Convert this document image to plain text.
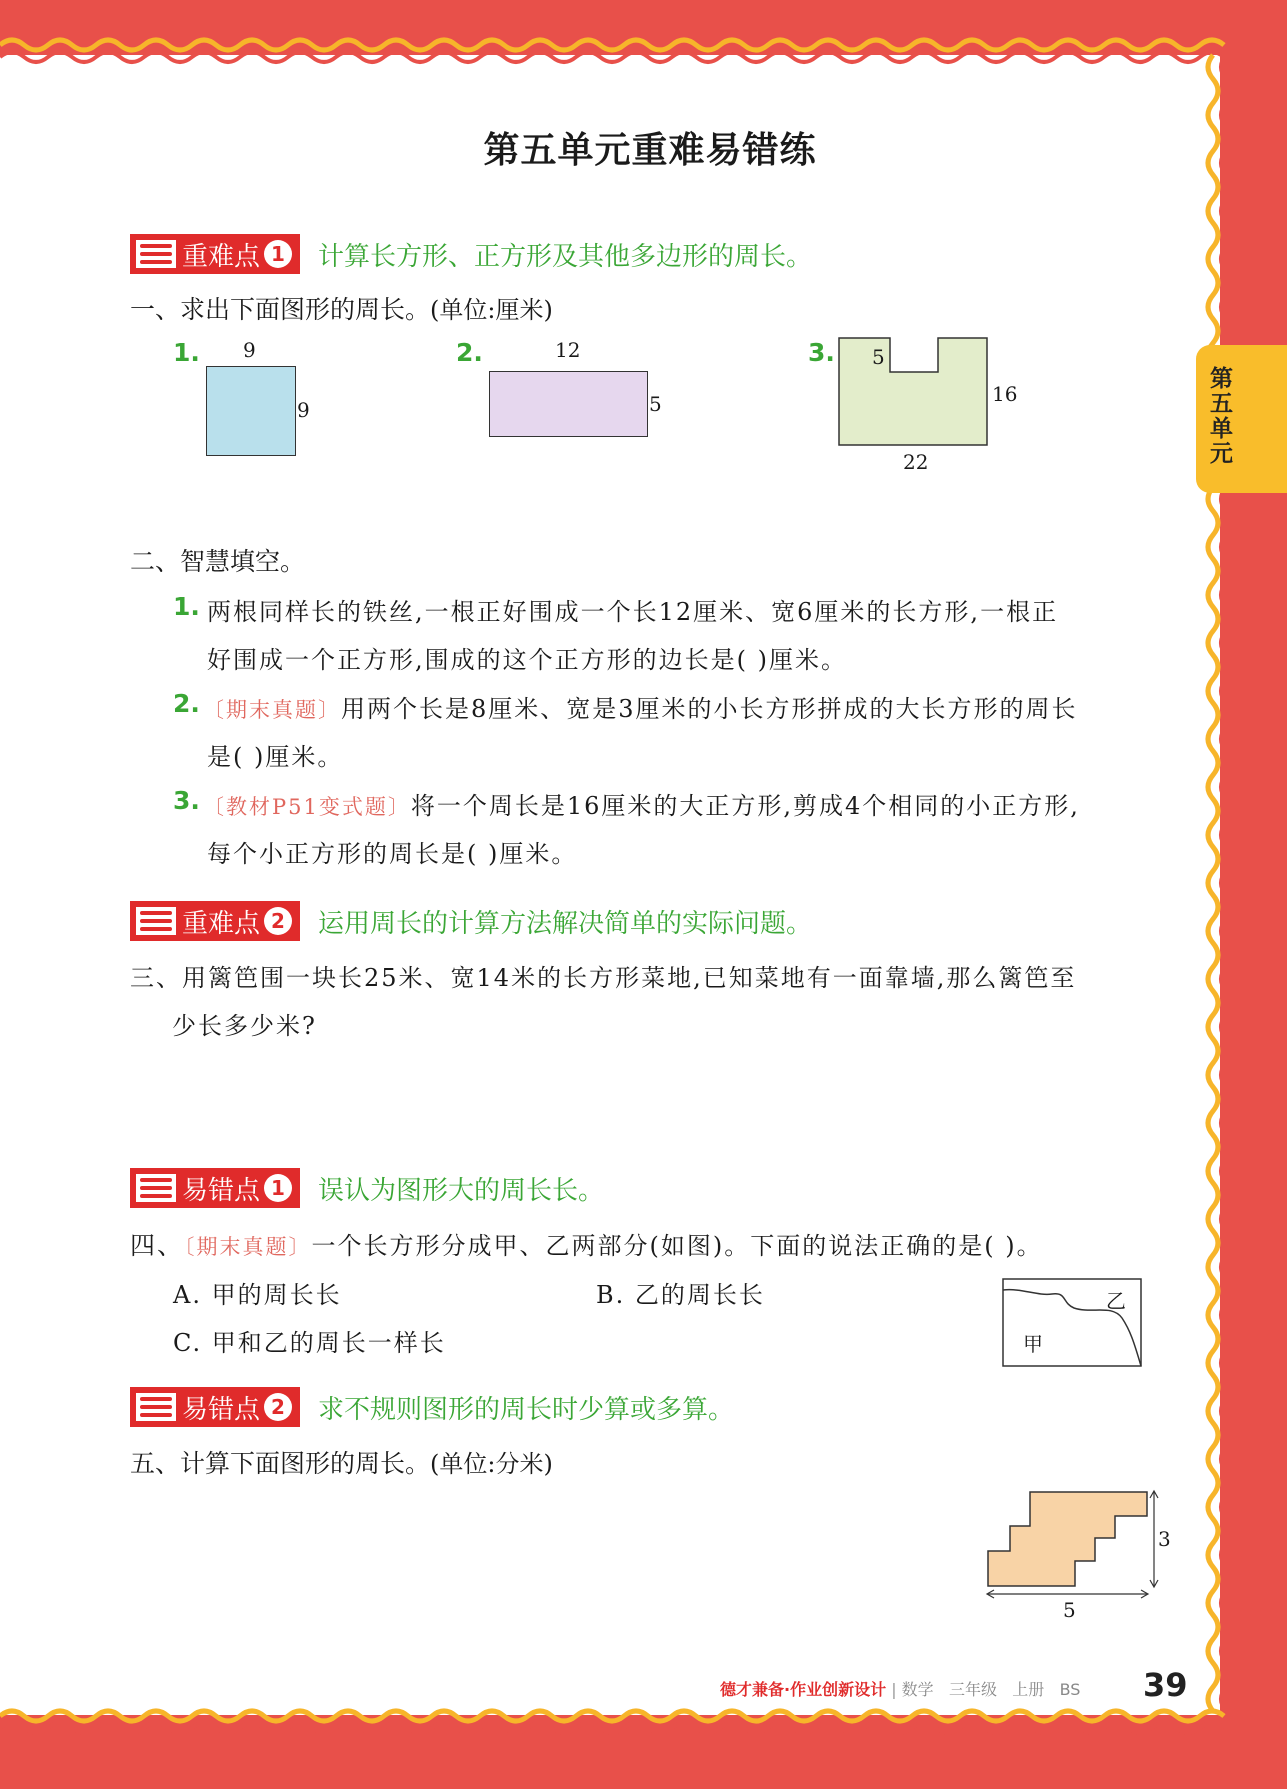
第五单元
第五单元重难易错练
重难点 1 计算长方形、正方形及其他多边形的周长。
一、求出下面图形的周长。(单位:厘米)
1. 9
9
2.	12
5
3. 5
16
22
二、智慧填空。
1. 两根同样长的铁丝,一根正好围成一个长12厘米、宽6厘米的长方形,一根正
好围成一个正方形,围成的这个正方形的边长是( )厘米。
2. 〔期末真题〕用两个长是8厘米、宽是3厘米的小长方形拼成的大长方形的周长
是( )厘米。
3. 〔教材P51变式题〕将一个周长是16厘米的大正方形,剪成4个相同的小正方形,
每个小正方形的周长是( )厘米。
重难点 2 运用周长的计算方法解决简单的实际问题。
三、用篱笆围一块长25米、宽14米的长方形菜地,已知菜地有一面靠墙,那么篱笆至
少长多少米?
易错点 1 误认为图形大的周长长。
四、〔期末真题〕一个长方形分成甲、乙两部分(如图)。下面的说法正确的是( )。
A. 甲的周长长	B. 乙的周长长
C. 甲和乙的周长一样长	甲
乙
易错点 2 求不规则图形的周长时少算或多算。
五、计算下面图形的周长。(单位:分米)
3
5
德才兼备·作业创新设计 | 数学 三年级 上册 BS 39
